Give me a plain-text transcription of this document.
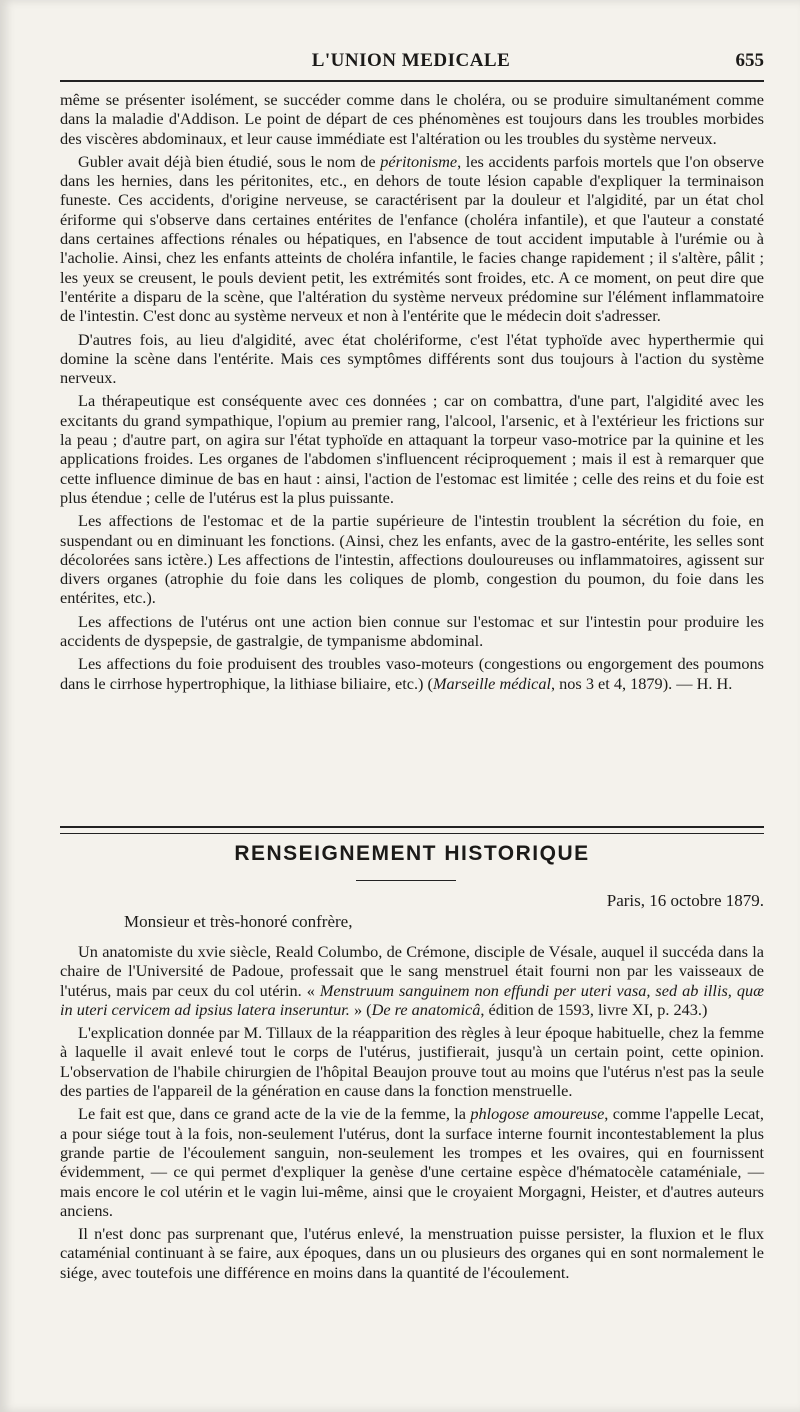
L'UNION MEDICALE	655

même se présenter isolément, se succéder comme dans le choléra, ou se produire simultanément comme dans la maladie d'Addison. Le point de départ de ces phénomènes est toujours dans les troubles morbides des viscères abdominaux, et leur cause immédiate est l'altération ou les troubles du système nerveux.

Gubler avait déjà bien étudié, sous le nom de péritonisme, les accidents parfois mortels que l'on observe dans les hernies, dans les péritonites, etc., en dehors de toute lésion capable d'expliquer la terminaison funeste. Ces accidents, d'origine nerveuse, se caractérisent par la douleur et l'algidité, par un état chol​ériforme qui s'observe dans certaines entérites de l'enfance (choléra infantile), et que l'auteur a constaté dans certaines affections rénales ou hépatiques, en l'absence de tout accident imputable à l'urémie ou à l'acholie. Ainsi, chez les enfants atteints de choléra infantile, le facies change rapidement ; il s'altère, pâlit ; les yeux se creusent, le pouls devient petit, les extrémités sont froides, etc. A ce moment, on peut dire que l'entérite a disparu de la scène, que l'altération du système nerveux prédomine sur l'élément inflammatoire de l'intestin. C'est donc au système nerveux et non à l'entérite que le médecin doit s'adresser.

D'autres fois, au lieu d'algidité, avec état chol​ériforme, c'est l'état typhoïde avec hyperthermie qui domine la scène dans l'entérite. Mais ces symptômes différents sont dus toujours à l'action du système nerveux.

La thérapeutique est conséquente avec ces données ; car on combattra, d'une part, l'algidité avec les excitants du grand sympathique, l'opium au premier rang, l'alcool, l'arsenic, et à l'extérieur les frictions sur la peau ; d'autre part, on agira sur l'état typhoïde en attaquant la torpeur vaso-motrice par la quinine et les applications froides. Les organes de l'abdomen s'influencent réciproquement ; mais il est à remarquer que cette influence diminue de bas en haut : ainsi, l'action de l'estomac est limitée ; celle des reins et du foie est plus étendue ; celle de l'utérus est la plus puissante.

Les affections de l'estomac et de la partie supérieure de l'intestin troublent la sécrétion du foie, en suspendant ou en diminuant les fonctions. (Ainsi, chez les enfants, avec de la gastro-entérite, les selles sont décolorées sans ictère.) Les affections de l'intestin, affections douloureuses ou inflammatoires, agissent sur divers organes (atrophie du foie dans les coliques de plomb, congestion du poumon, du foie dans les entérites, etc.).

Les affections de l'utérus ont une action bien connue sur l'estomac et sur l'intestin pour produire les accidents de dyspepsie, de gastralgie, de tympanisme abdominal.

Les affections du foie produisent des troubles vaso-moteurs (congestions ou engorgement des poumons dans le cirrhose hypertrophique, la lithiase biliaire, etc.) (Marseille médical, nos 3 et 4, 1879). — H. H.

RENSEIGNEMENT HISTORIQUE
Paris, 16 octobre 1879.
Monsieur et très-honoré confrère,

Un anatomiste du xvie siècle, Reald Columbo, de Crémone, disciple de Vésale, auquel il succéda dans la chaire de l'Université de Padoue, professait que le sang menstruel était fourni non par les vaisseaux de l'utérus, mais par ceux du col utérin. « Menstruum sanguinem non effundi per uteri vasa, sed ab illis, quæ in uteri cervicem ad ipsius latera inseruntur. » (De re anatomicâ, édition de 1593, livre XI, p. 243.)

L'explication donnée par M. Tillaux de la réapparition des règles à leur époque habituelle, chez la femme à laquelle il avait enlevé tout le corps de l'utérus, justifierait, jusqu'à un certain point, cette opinion. L'observation de l'habile chirurgien de l'hôpital Beaujon prouve tout au moins que l'utérus n'est pas la seule des parties de l'appareil de la génération en cause dans la fonction menstruelle.

Le fait est que, dans ce grand acte de la vie de la femme, la phlogose amoureuse, comme l'appelle Lecat, a pour siége tout à la fois, non-seulement l'utérus, dont la surface interne fournit incontestablement la plus grande partie de l'écoulement sanguin, non-seulement les trompes et les ovaires, qui en fournissent évidemment, — ce qui permet d'expliquer la genèse d'une certaine espèce d'hématocèle cataméniale, — mais encore le col utérin et le vagin lui-même, ainsi que le croyaient Morgagni, Heister, et d'autres auteurs anciens.

Il n'est donc pas surprenant que, l'utérus enlevé, la menstruation puisse persister, la fluxion et le flux cataménial continuant à se faire, aux époques, dans un ou plusieurs des organes qui en sont normalement le siége, avec toutefois une différence en moins dans la quantité de l'écoulement.
